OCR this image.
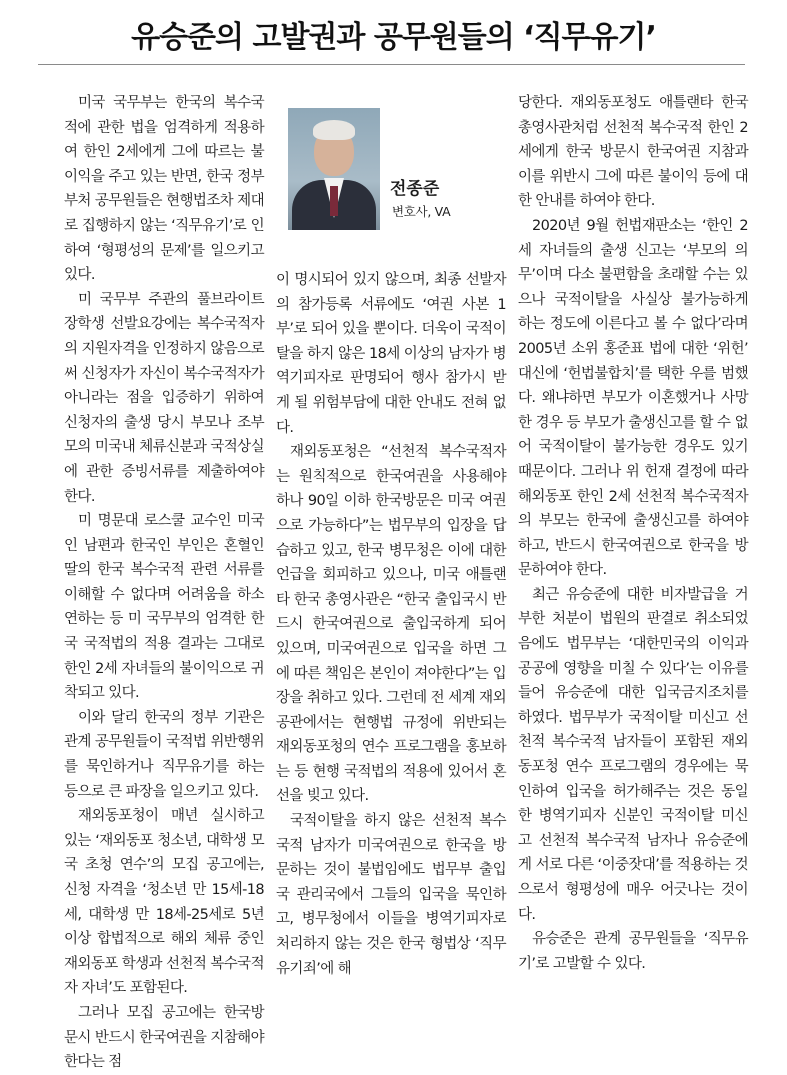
유승준의 고발권과 공무원들의 ‘직무유기’

미국 국무부는 한국의 복수국적에 관한 법을 엄격하게 적용하여 한인 2세에게 그에 따르는 불이익을 주고 있는 반면, 한국 정부 부처 공무원들은 현행법조차 제대로 집행하지 않는 ‘직무유기’로 인하여 ‘형평성의 문제’를 일으키고 있다.

미 국무부 주관의 풀브라이트 장학생 선발요강에는 복수국적자의 지원자격을 인정하지 않음으로써 신청자가 자신이 복수국적자가 아니라는 점을 입증하기 위하여 신청자의 출생 당시 부모나 조부모의 미국내 체류신분과 국적상실에 관한 증빙서류를 제출하여야 한다.

미 명문대 로스쿨 교수인 미국인 남편과 한국인 부인은 혼혈인 딸의 한국 복수국적 관련 서류를 이해할 수 없다며 어려움을 하소연하는 등 미 국무부의 엄격한 한국 국적법의 적용 결과는 그대로 한인 2세 자녀들의 불이익으로 귀착되고 있다.

이와 달리 한국의 정부 기관은 관계 공무원들이 국적법 위반행위를 묵인하거나 직무유기를 하는 등으로 큰 파장을 일으키고 있다.

재외동포청이 매년 실시하고 있는 ‘재외동포 청소년, 대학생 모국 초청 연수’의 모집 공고에는, 신청 자격을 ‘청소년 만 15세-18세, 대학생 만 18세-25세로 5년 이상 합법적으로 해외 체류 중인 재외동포 학생과 선천적 복수국적자 자녀’도 포함된다.

그러나 모집 공고에는 한국방문시 반드시 한국여권을 지참해야 한다는 점

전종준
변호사, VA

이 명시되어 있지 않으며, 최종 선발자의 참가등록 서류에도 ‘여권 사본 1부’로 되어 있을 뿐이다. 더욱이 국적이탈을 하지 않은 18세 이상의 남자가 병역기피자로 판명되어 행사 참가시 받게 될 위험부담에 대한 안내도 전혀 없다.

재외동포청은 “선천적 복수국적자는 원칙적으로 한국여권을 사용해야 하나 90일 이하 한국방문은 미국 여권으로 가능하다”는 법무부의 입장을 답습하고 있고, 한국 병무청은 이에 대한 언급을 회피하고 있으나, 미국 애틀랜타 한국 총영사관은 “한국 출입국시 반드시 한국여권으로 출입국하게 되어 있으며, 미국여권으로 입국을 하면 그에 따른 책임은 본인이 져야한다”는 입장을 취하고 있다. 그런데 전 세계 재외공관에서는 현행법 규정에 위반되는 재외동포청의 연수 프로그램을 홍보하는 등 현행 국적법의 적용에 있어서 혼선을 빚고 있다.

국적이탈을 하지 않은 선천적 복수국적 남자가 미국여권으로 한국을 방문하는 것이 불법임에도 법무부 출입국 관리국에서 그들의 입국을 묵인하고, 병무청에서 이들을 병역기피자로 처리하지 않는 것은 한국 형법상 ‘직무유기죄’에 해

당한다. 재외동포청도 애틀랜타 한국 총영사관처럼 선천적 복수국적 한인 2세에게 한국 방문시 한국여권 지참과 이를 위반시 그에 따른 불이익 등에 대한 안내를 하여야 한다.

2020년 9월 헌법재판소는 ‘한인 2세 자녀들의 출생 신고는 ‘부모의 의무’이며 다소 불편함을 초래할 수는 있으나 국적이탈을 사실상 불가능하게 하는 정도에 이른다고 볼 수 없다’라며 2005년 소위 홍준표 법에 대한 ‘위헌’ 대신에 ‘헌법불합치’를 택한 우를 범했다. 왜냐하면 부모가 이혼했거나 사망한 경우 등 부모가 출생신고를 할 수 없어 국적이탈이 불가능한 경우도 있기 때문이다. 그러나 위 헌재 결정에 따라 해외동포 한인 2세 선천적 복수국적자의 부모는 한국에 출생신고를 하여야 하고, 반드시 한국여권으로 한국을 방문하여야 한다.

최근 유승준에 대한 비자발급을 거부한 처분이 법원의 판결로 취소되었음에도 법무부는 ‘대한민국의 이익과 공공에 영향을 미칠 수 있다’는 이유를 들어 유승준에 대한 입국금지조치를 하였다. 법무부가 국적이탈 미신고 선천적 복수국적 남자들이 포함된 재외동포청 연수 프로그램의 경우에는 묵인하여 입국을 허가해주는 것은 동일한 병역기피자 신분인 국적이탈 미신고 선천적 복수국적 남자나 유승준에게 서로 다른 ‘이중잣대’를 적용하는 것으로서 형평성에 매우 어긋나는 것이다.

유승준은 관계 공무원들을 ‘직무유기’로 고발할 수 있다.
